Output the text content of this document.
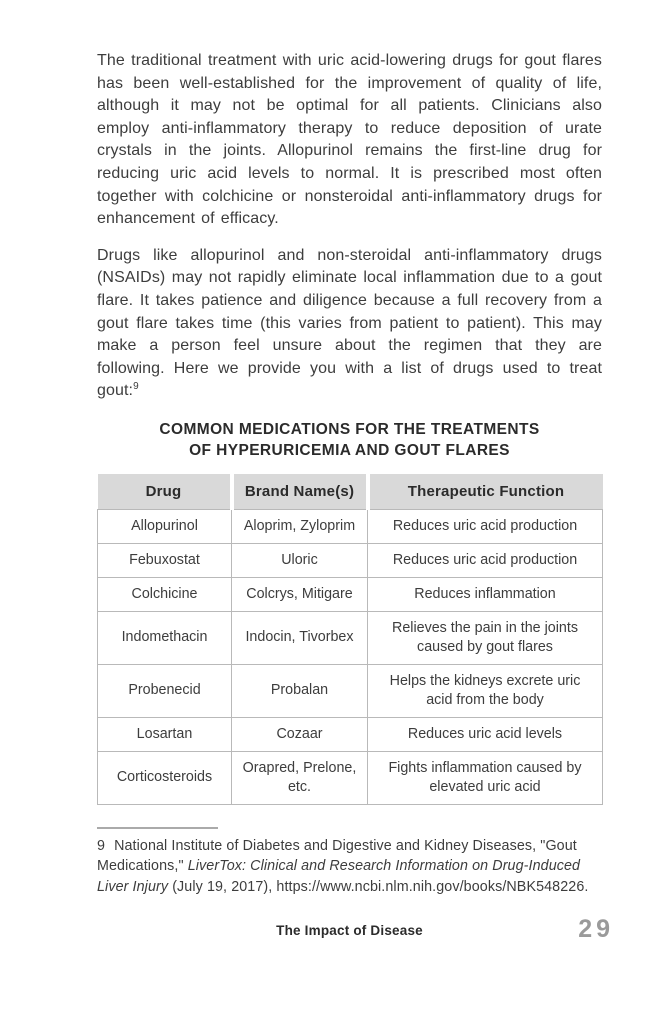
The traditional treatment with uric acid-lowering drugs for gout flares has been well-established for the improvement of quality of life, although it may not be optimal for all patients. Clinicians also employ anti-inflammatory therapy to reduce deposition of urate crystals in the joints. Allopurinol remains the first-line drug for reducing uric acid levels to normal. It is prescribed most often together with colchicine or nonsteroidal anti-inflammatory drugs for enhancement of efficacy.

Drugs like allopurinol and non-steroidal anti-inflammatory drugs (NSAIDs) may not rapidly eliminate local inflammation due to a gout flare. It takes patience and diligence because a full recovery from a gout flare takes time (this varies from patient to patient). This may make a person feel unsure about the regimen that they are following. Here we provide you with a list of drugs used to treat gout:$^9$

COMMON MEDICATIONS FOR THE TREATMENTS
OF HYPERURICEMIA AND GOUT FLARES
Drug	Brand Name(s)	Therapeutic Function
Allopurinol	Aloprim, Zyloprim	Reduces uric acid production
Febuxostat	Uloric	Reduces uric acid production
Colchicine	Colcrys, Mitigare	Reduces inflammation
Indomethacin	Indocin, Tivorbex	Relieves the pain in the joints caused by gout flares
Probenecid	Probalan	Helps the kidneys excrete uric acid from the body
Losartan	Cozaar	Reduces uric acid levels
Corticosteroids	Orapred, Prelone, etc.	Fights inflammation caused by elevated uric acid

9 National Institute of Diabetes and Digestive and Kidney Diseases, "Gout Medications," LiverTox: Clinical and Research Information on Drug-Induced Liver Injury (July 19, 2017), https://www.ncbi.nlm.nih.gov/books/NBK548226.

The Impact of Disease	29
